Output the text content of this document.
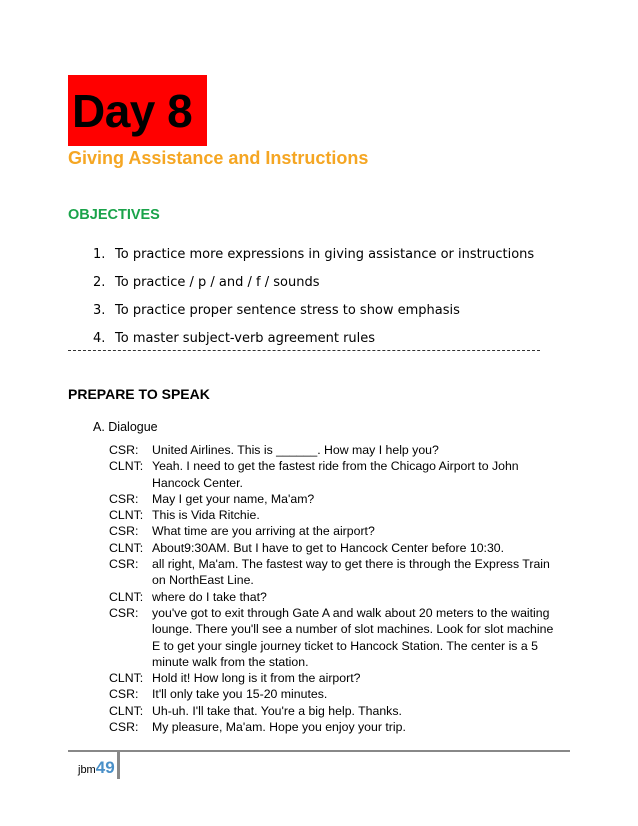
Day 8
Giving Assistance and Instructions
OBJECTIVES
1. To practice more expressions in giving assistance or instructions
2. To practice / p / and / f / sounds
3. To practice proper sentence stress to show emphasis
4. To master subject-verb agreement rules
PREPARE TO SPEAK
A. Dialogue
CSR:	United Airlines. This is ______. How may I help you?
CLNT: Yeah. I need to get the fastest ride from the Chicago Airport to John Hancock Center.
CSR:	May I get your name, Ma'am?
CLNT: This is Vida Ritchie.
CSR:	What time are you arriving at the airport?
CLNT: About9:30AM. But I have to get to Hancock Center before 10:30.
CSR:	all right, Ma'am. The fastest way to get there is through the Express Train on NorthEast Line.
CLNT: where do I take that?
CSR:	you've got to exit through Gate A and walk about 20 meters to the waiting lounge. There you'll see a number of slot machines. Look for slot machine E to get your single journey ticket to Hancock Station. The center is a 5 minute walk from the station.
CLNT: Hold it! How long is it from the airport?
CSR:	It'll only take you 15-20 minutes.
CLNT: Uh-uh. I'll take that. You're a big help. Thanks.
CSR:	My pleasure, Ma'am. Hope you enjoy your trip.
jbm49
